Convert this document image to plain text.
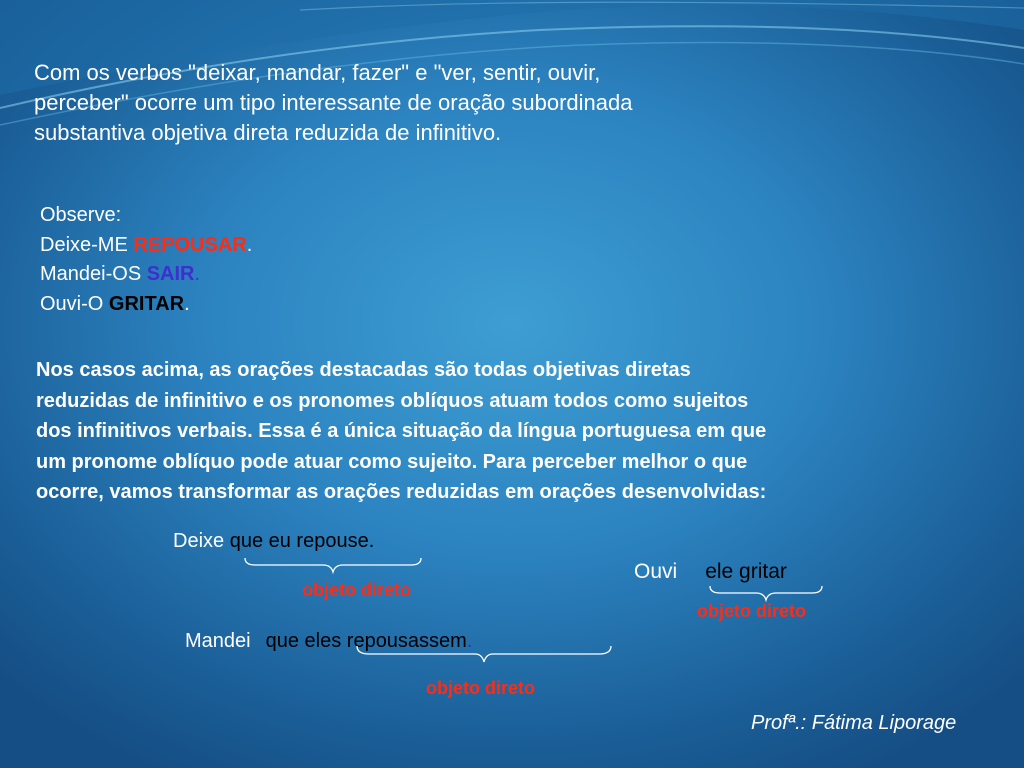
Com os verbos "deixar, mandar, fazer" e "ver, sentir, ouvir,
perceber" ocorre um tipo interessante de oração subordinada
substantiva objetiva direta reduzida de infinitivo.
Observe:
Deixe-ME REPOUSAR.
Mandei-OS SAIR.
Ouvi-O GRITAR.
Nos casos acima, as orações destacadas são todas objetivas diretas
reduzidas de infinitivo e os pronomes oblíquos atuam todos como sujeitos
dos infinitivos verbais. Essa é a única situação da língua portuguesa em que
um pronome oblíquo pode atuar como sujeito. Para perceber melhor o que
ocorre, vamos transformar as orações reduzidas em orações desenvolvidas:
Deixe que eu repouse.
objeto direto
Ouvi ele gritar
objeto direto
Mandei que eles repousassem.
objeto direto
Profª.: Fátima Liporage
